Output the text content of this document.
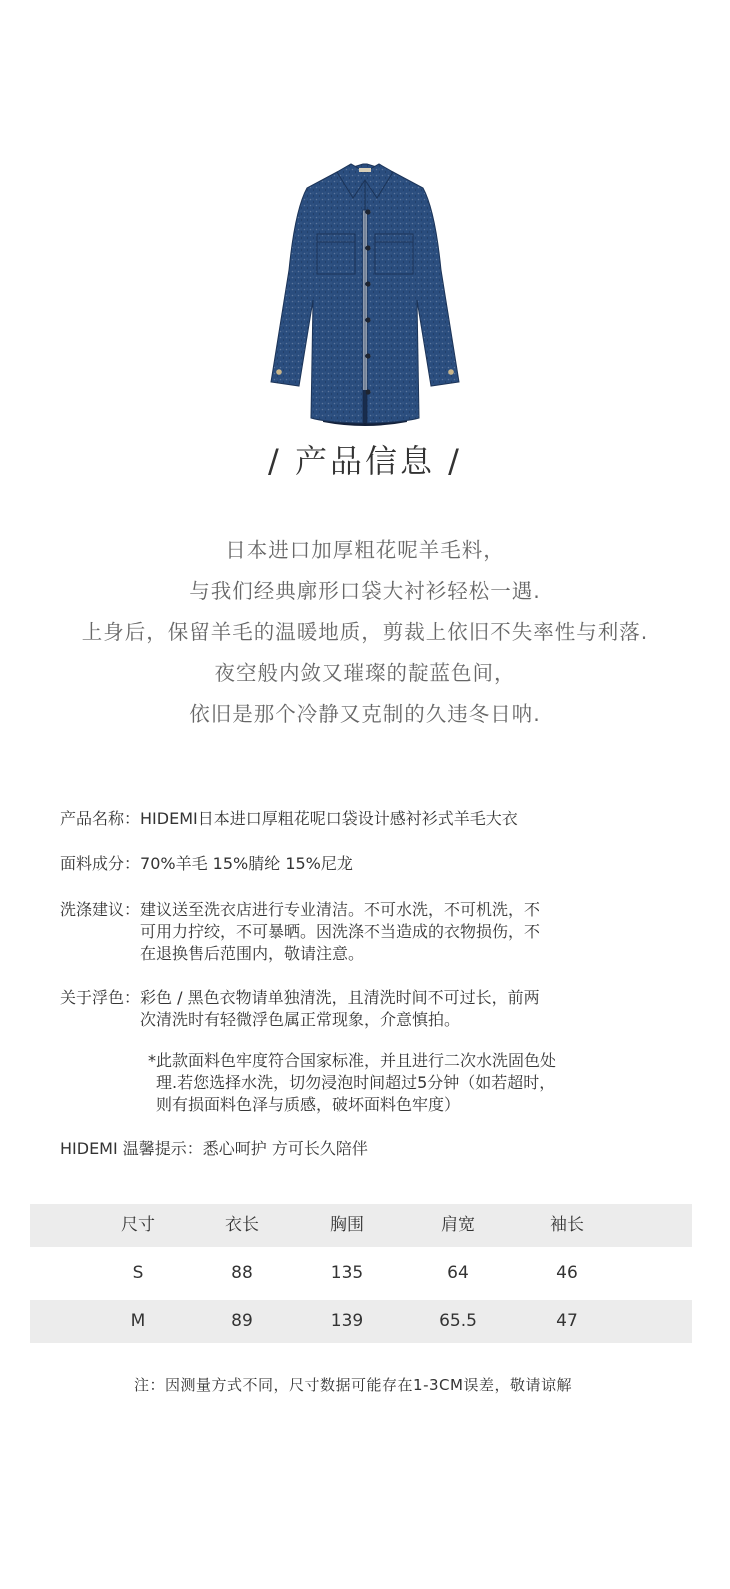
/ 产品信息 /
日本进口加厚粗花呢羊毛料，
与我们经典廓形口袋大衬衫轻松一遇.
上身后，保留羊毛的温暖地质，剪裁上依旧不失率性与利落.
夜空般内敛又璀璨的靛蓝色间，
依旧是那个冷静又克制的久违冬日呐.
产品名称： HIDEMI日本进口厚粗花呢口袋设计感衬衫式羊毛大衣
面料成分： 70%羊毛 15%腈纶 15%尼龙
洗涤建议： 建议送至洗衣店进行专业清洁。不可水洗，不可机洗，不
可用力拧绞，不可暴晒。因洗涤不当造成的衣物损伤，不
在退换售后范围内，敬请注意。
关于浮色： 彩色 / 黑色衣物请单独清洗，且清洗时间不可过长，前两
次清洗时有轻微浮色属正常现象，介意慎拍。
*此款面料色牢度符合国家标准，并且进行二次水洗固色处
理.若您选择水洗，切勿浸泡时间超过5分钟（如若超时，
则有损面料色泽与质感，破坏面料色牢度）
HIDEMI 温馨提示：悉心呵护 方可长久陪伴
尺寸	衣长	胸围	肩宽	袖长
S	88	135	64	46
M	89	139	65.5	47
注：因测量方式不同，尺寸数据可能存在1-3CM误差，敬请谅解
